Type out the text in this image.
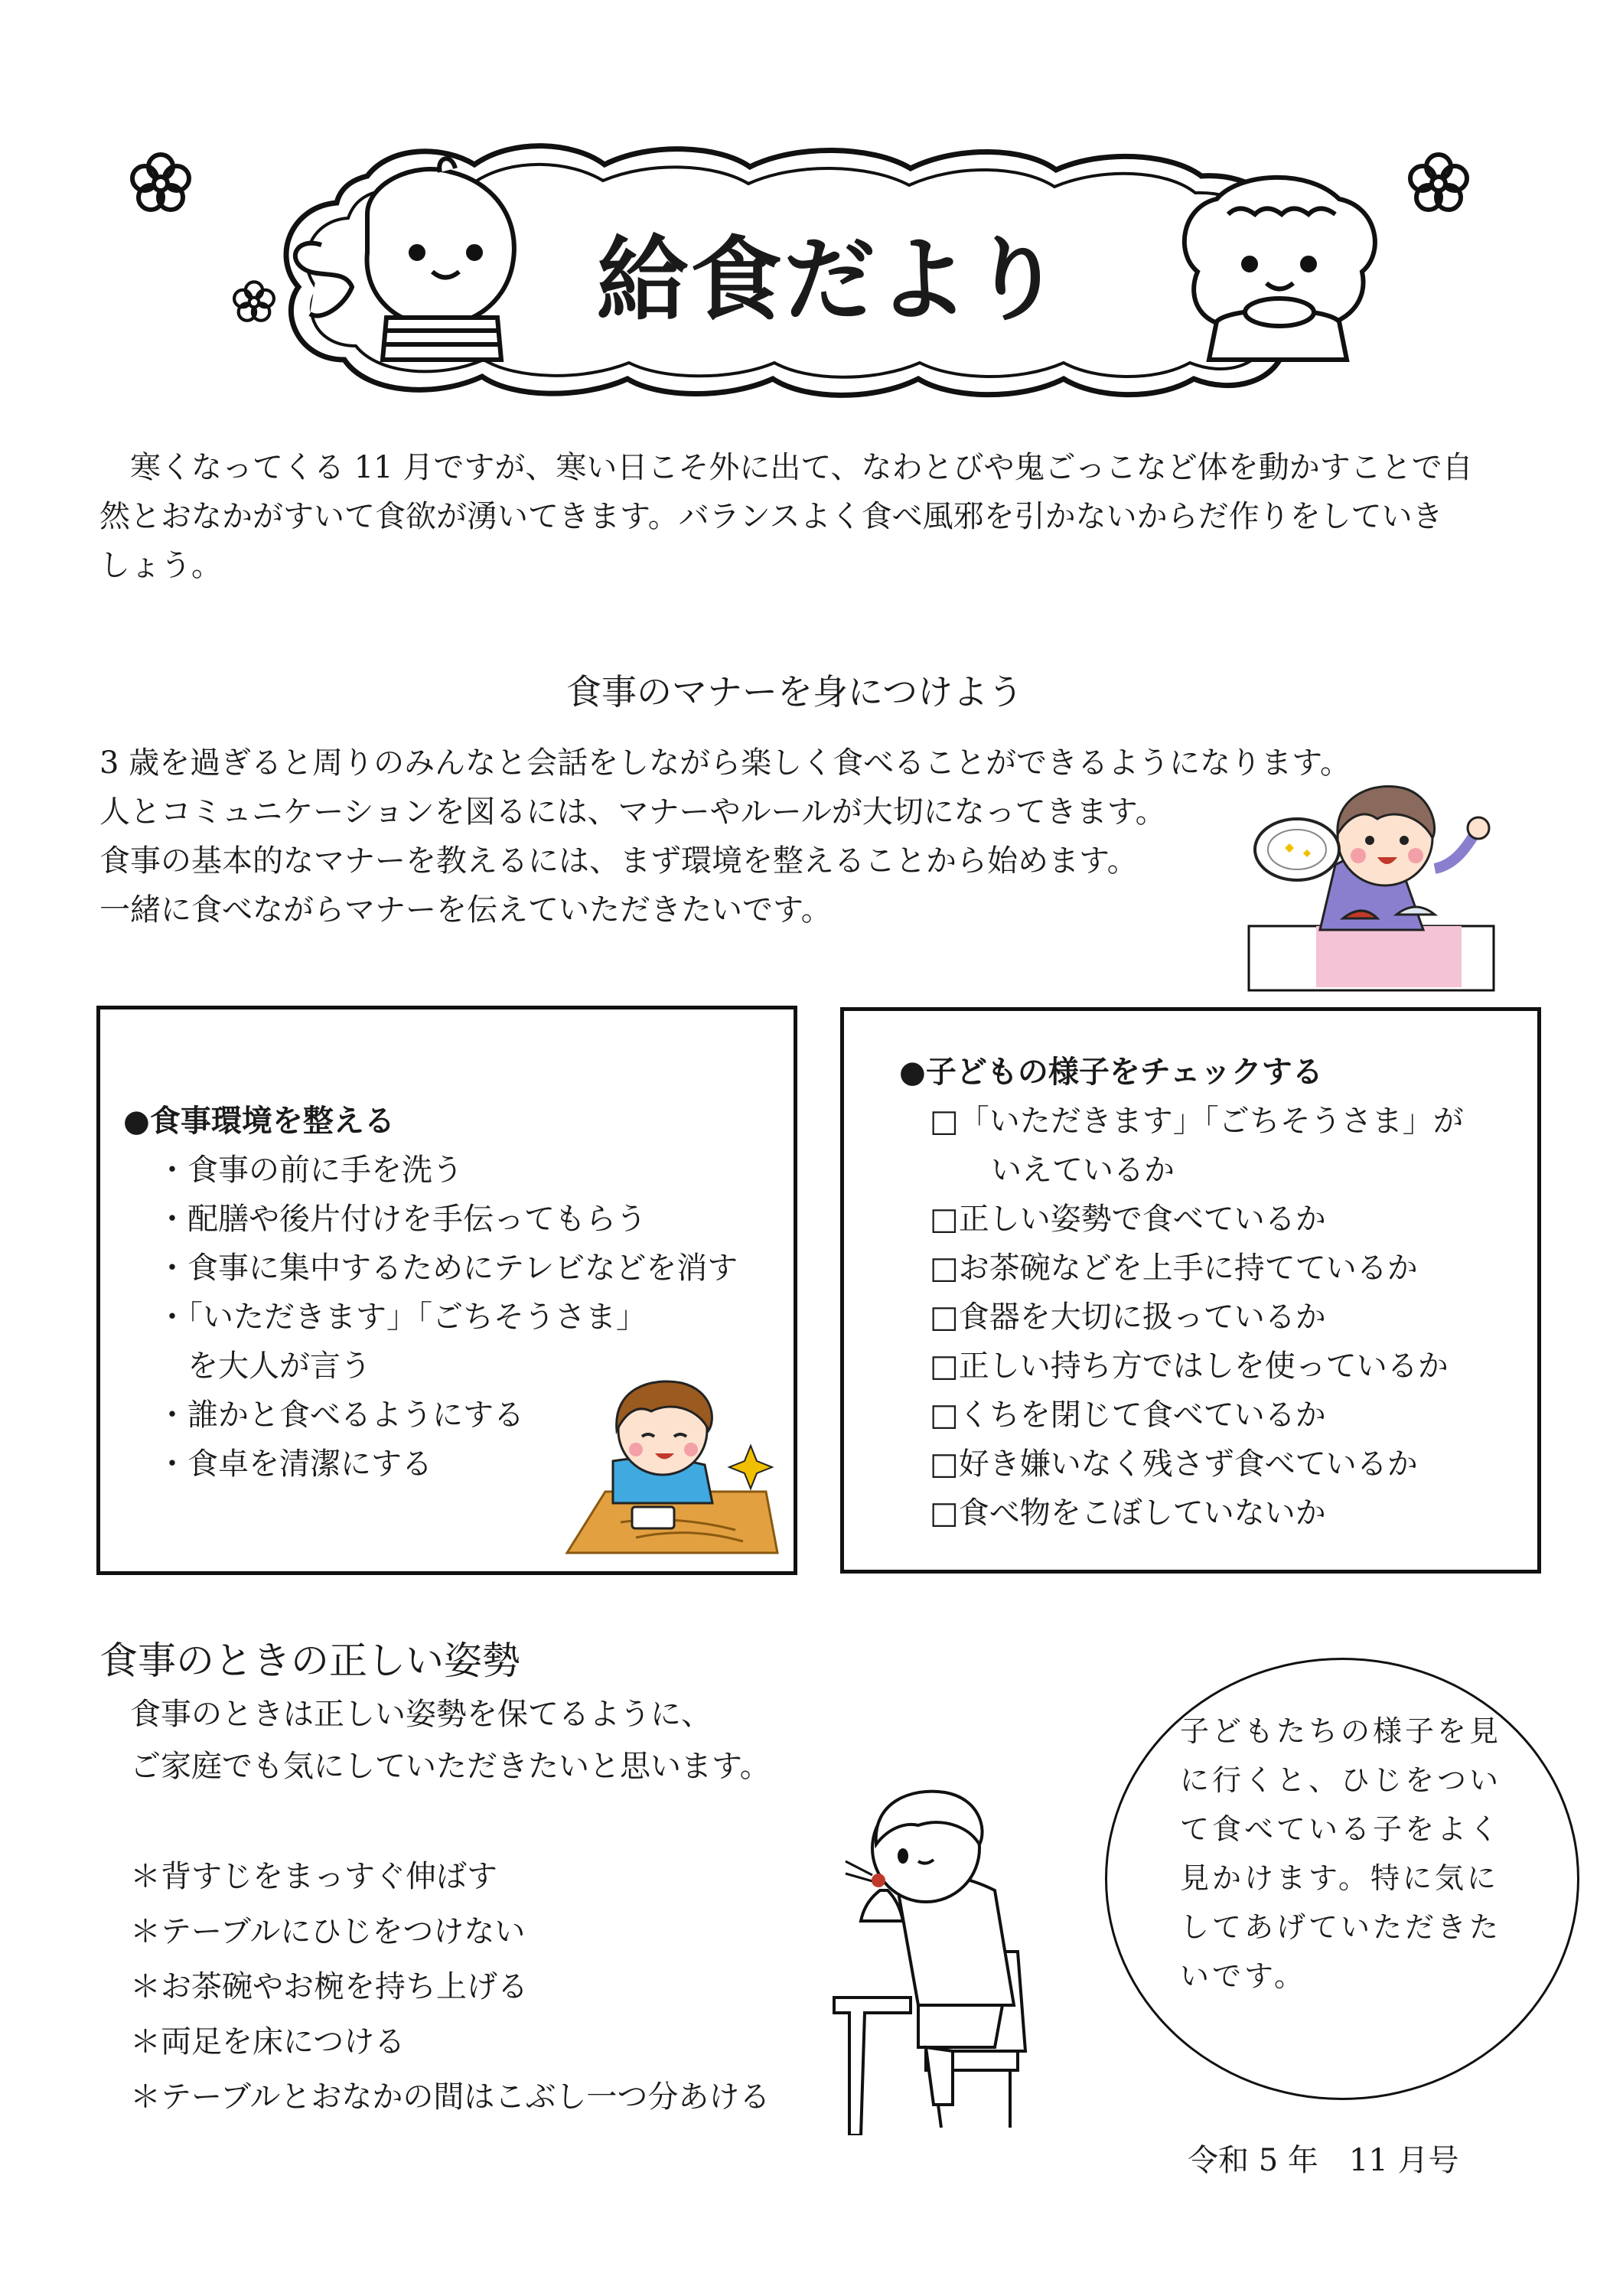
給食だより
寒くなってくる 11 月ですが、寒い日こそ外に出て、なわとびや鬼ごっこなど体を動かすことで自
然とおなかがすいて食欲が湧いてきます。バランスよく食べ風邪を引かないからだ作りをしていき
しょう。
食事のマナーを身につけよう
3 歳を過ぎると周りのみんなと会話をしながら楽しく食べることができるようになります。
人とコミュニケーションを図るには、マナーやルールが大切になってきます。
食事の基本的なマナーを教えるには、まず環境を整えることから始めます。
一緒に食べながらマナーを伝えていただきたいです。
●食事環境を整える
・食事の前に手を洗う
・配膳や後片付けを手伝ってもらう
・食事に集中するためにテレビなどを消す
・「いただきます」「ごちそうさま」
　を大人が言う
・誰かと食べるようにする
・食卓を清潔にする
●子どもの様子をチェックする
□「いただきます」「ごちそうさま」が
　　いえているか
□正しい姿勢で食べているか
□お茶碗などを上手に持てているか
□食器を大切に扱っているか
□正しい持ち方ではしを使っているか
□くちを閉じて食べているか
□好き嫌いなく残さず食べているか
□食べ物をこぼしていないか
食事のときの正しい姿勢
食事のときは正しい姿勢を保てるように、
ご家庭でも気にしていただきたいと思います。
＊背すじをまっすぐ伸ばす
＊テーブルにひじをつけない
＊お茶碗やお椀を持ち上げる
＊両足を床につける
＊テーブルとおなかの間はこぶし一つ分あける
子どもたちの様子を見
に行くと、ひじをつい
て食べている子をよく
見かけます。特に気に
してあげていただきた
いです。
令和 5 年　11 月号
